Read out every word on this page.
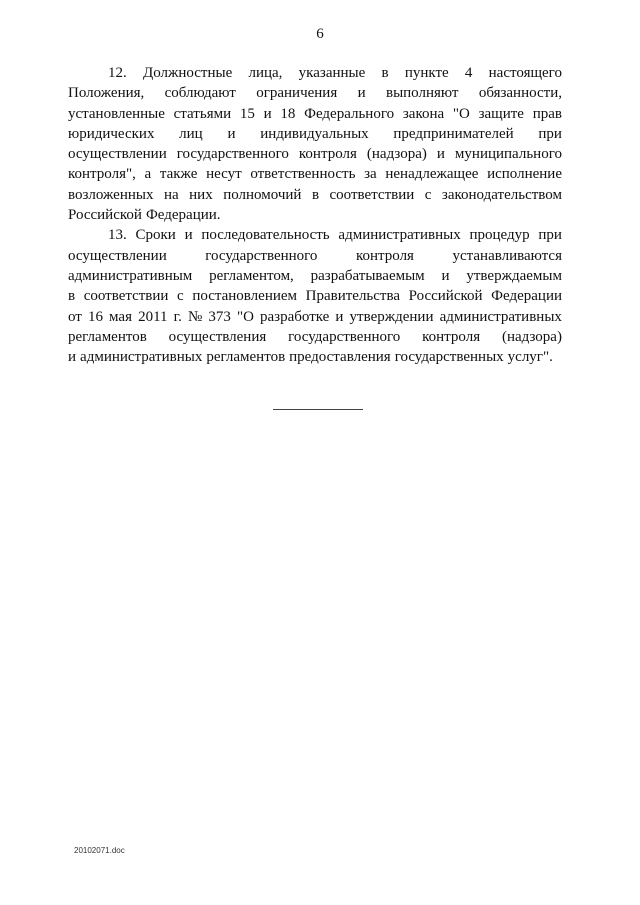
6
12. Должностные лица, указанные в пункте 4 настоящего
Положения, соблюдают ограничения и выполняют обязанности,
установленные статьями 15 и 18 Федерального закона "О защите прав
юридических лиц и индивидуальных предпринимателей при
осуществлении государственного контроля (надзора) и муниципального
контроля", а также несут ответственность за ненадлежащее исполнение
возложенных на них полномочий в соответствии с законодательством
Российской Федерации.
13. Сроки и последовательность административных процедур при
осуществлении	государственного	контроля	устанавливаются
административным регламентом, разрабатываемым и утверждаемым
в соответствии с постановлением Правительства Российской Федерации
от 16 мая 2011 г. № 373 "О разработке и утверждении административных
регламентов осуществления государственного контроля (надзора)
и административных регламентов предоставления государственных услуг".
20102071.doc
